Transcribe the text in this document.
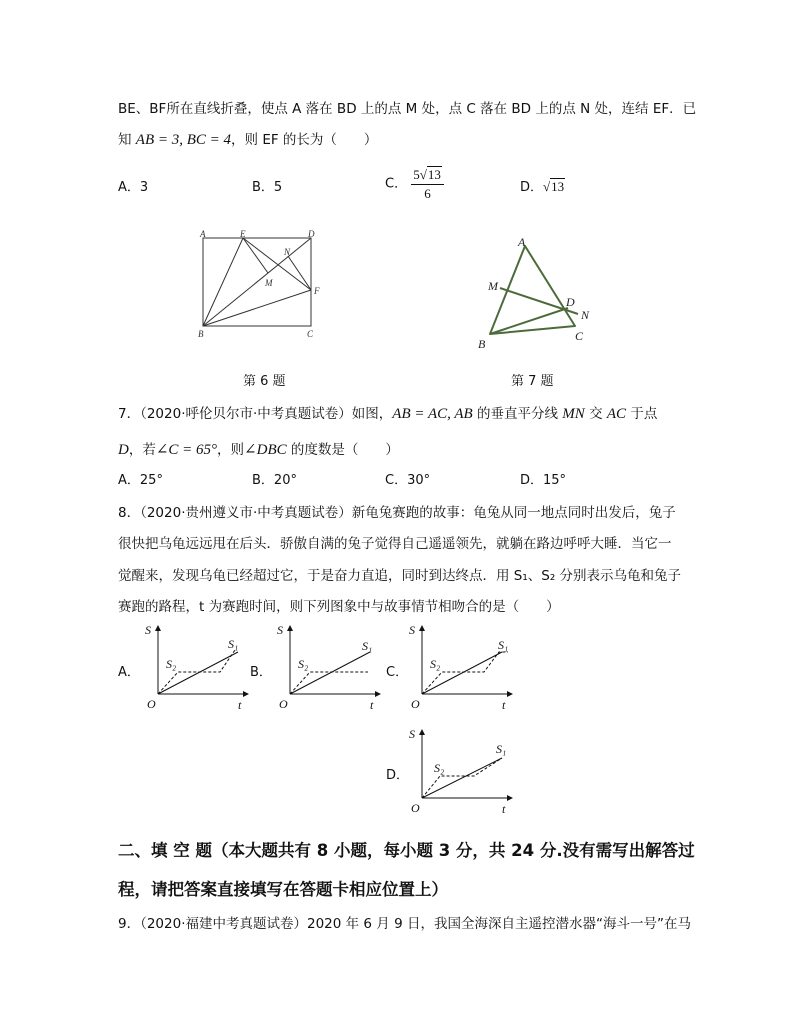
BE、BF所在直线折叠，使点 A 落在 BD 上的点 M 处，点 C 落在 BD 上的点 N 处，连结 EF．已
知 AB = 3, BC = 4，则 EF 的长为（　　）
A．3	B．5	C． $\frac{5√13}{6}$	D．√13
A	E	D
N
M
F
B	C
A
M
D
N
B
C
第 6 题	第 7 题
7．（2020·呼伦贝尔市·中考真题试卷）如图，AB = AC, AB 的垂直平分线 MN 交 AC 于点
D，若∠C = 65°，则∠DBC 的度数是（　　）
A．25°	B．20°	C．30°	D．15°
8．（2020·贵州遵义市·中考真题试卷）新龟兔赛跑的故事：龟兔从同一地点同时出发后，兔子
很快把乌龟远远甩在后头．骄傲自满的兔子觉得自己遥遥领先，就躺在路边呼呼大睡．当它一
觉醒来，发现乌龟已经超过它，于是奋力直追，同时到达终点．用 S₁、S₂ 分别表示乌龟和兔子
赛跑的路程，t 为赛跑时间，则下列图象中与故事情节相吻合的是（　　）
A．	B．	C．
D．
S
O	t
S₁
S₂
S
O	t
S₁
S₂
S
O	t
S₁
S₂
S
O	t
S₁
S₂
二、填 空 题（本大题共有 8 小题，每小题 3 分，共 24 分.没有需写出解答过
程，请把答案直接填写在答题卡相应位置上）
9．（2020·福建中考真题试卷）2020 年 6 月 9 日，我国全海深自主遥控潜水器“海斗一号”在马
